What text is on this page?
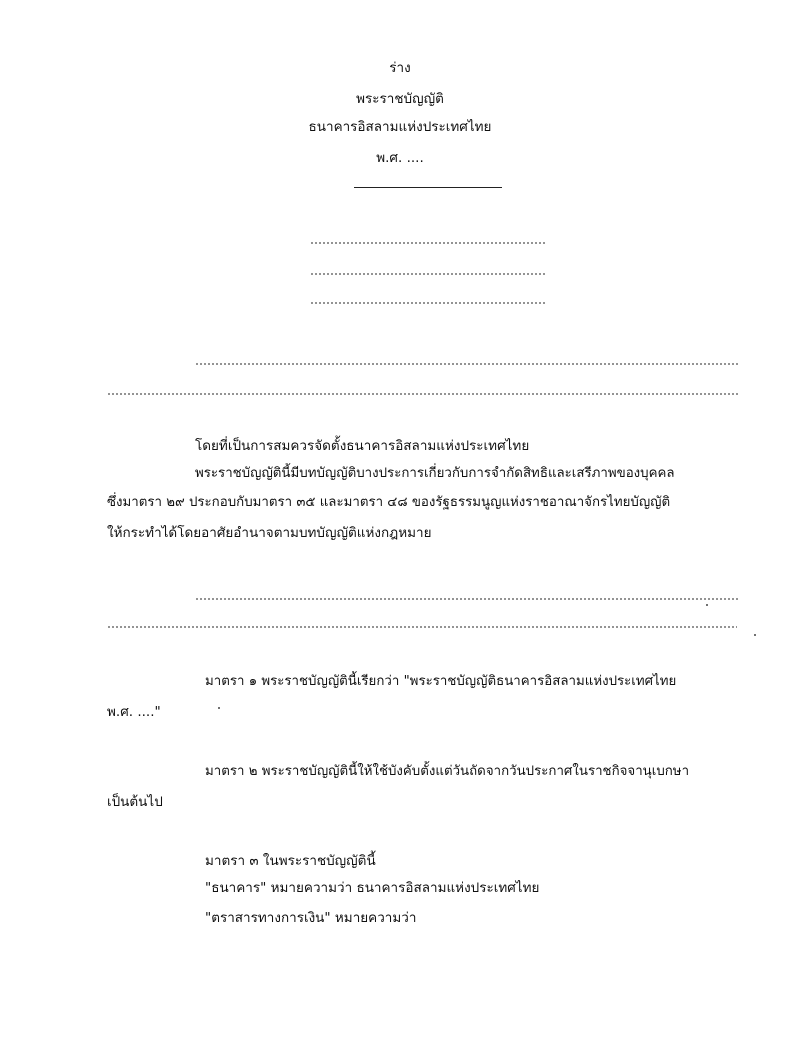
ร่าง
พระราชบัญญัติ
ธนาคารอิสลามแห่งประเทศไทย
พ.ศ. ....
โดยที่เป็นการสมควรจัดตั้งธนาคารอิสลามแห่งประเทศไทย
พระราชบัญญัตินี้มีบทบัญญัติบางประการเกี่ยวกับการจำกัดสิทธิและเสรีภาพของบุคคล
ซึ่งมาตรา ๒๙ ประกอบกับมาตรา ๓๕ และมาตรา ๔๘ ของรัฐธรรมนูญแห่งราชอาณาจักรไทยบัญญัติ
ให้กระทำได้โดยอาศัยอำนาจตามบทบัญญัติแห่งกฎหมาย
มาตรา ๑ พระราชบัญญัตินี้เรียกว่า "พระราชบัญญัติธนาคารอิสลามแห่งประเทศไทย
พ.ศ. ...."
มาตรา ๒ พระราชบัญญัตินี้ให้ใช้บังคับตั้งแต่วันถัดจากวันประกาศในราชกิจจานุเบกษา
เป็นต้นไป
มาตรา ๓ ในพระราชบัญญัตินี้
"ธนาคาร" หมายความว่า ธนาคารอิสลามแห่งประเทศไทย
"ตราสารทางการเงิน" หมายความว่า
